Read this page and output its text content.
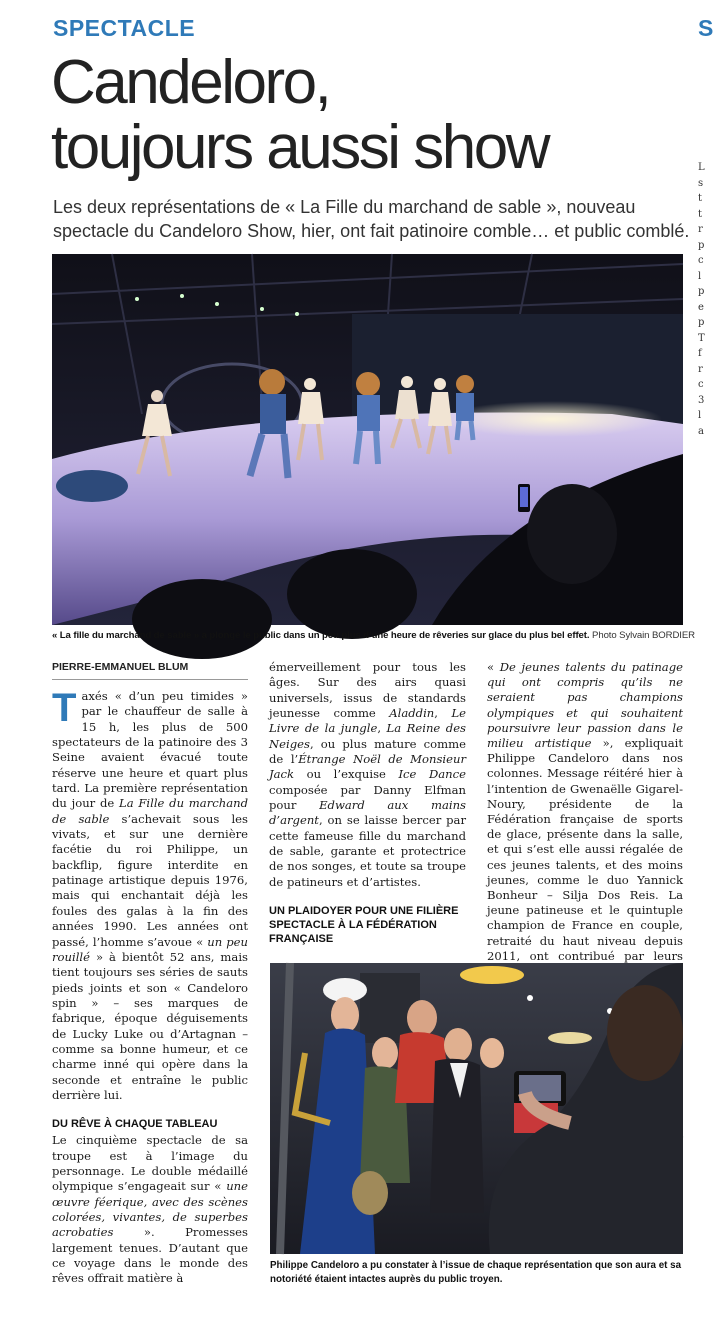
SPECTACLE	S
Candeloro,
toujours aussi show

Les deux représentations de « La Fille du marchand de sable », nouveau spectacle du Candeloro Show, hier, ont fait patinoire comble… et public comblé.

L
s
t
t
r
p
c
l
p
e
p
T
f
r
c
3
l
a
« La fille du marchand de sable » a plongé le public dans un peu plus d’une heure de rêveries sur glace du plus bel effet. Photo Sylvain BORDIER
PIERRE-EMMANUEL BLUM

Taxés « d’un peu timides » par le chauffeur de salle à 15 h, les plus de 500 spectateurs de la patinoire des 3 Seine avaient évacué toute réserve une heure et quart plus tard. La première représentation du jour de La Fille du marchand de sable s’achevait sous les vivats, et sur une dernière facétie du roi Philippe, un backflip, figure interdite en patinage artistique depuis 1976, mais qui enchantait déjà les foules des galas à la fin des années 1990. Les années ont passé, l’homme s’avoue « un peu rouillé » à bientôt 52 ans, mais tient toujours ses séries de sauts pieds joints et son « Candeloro spin » – ses marques de fabrique, époque déguisements de Lucky Luke ou d’Artagnan – comme sa bonne humeur, et ce charme inné qui opère dans la seconde et entraîne le public derrière lui.

DU RÊVE À CHAQUE TABLEAU

Le cinquième spectacle de sa troupe est à l’image du personnage. Le double médaillé olympique s’engageait sur « une œuvre féerique, avec des scènes colorées, vivantes, de superbes acrobaties ». Promesses largement tenues. D’autant que ce voyage dans le monde des rêves offrait matière à

émerveillement pour tous les âges. Sur des airs quasi universels, issus de standards jeunesse comme Aladdin, Le Livre de la jungle, La Reine des Neiges, ou plus mature comme de l’Étrange Noël de Monsieur Jack ou l’exquise Ice Dance composée par Danny Elfman pour Edward aux mains d’argent, on se laisse bercer par cette fameuse fille du marchand de sable, garante et protectrice de nos songes, et toute sa troupe de patineurs et d’artistes.

UN PLAIDOYER POUR UNE FILIÈRE SPECTACLE À LA FÉDÉRATION FRANÇAISE

« De jeunes talents du patinage qui ont compris qu’ils ne seraient pas champions olympiques et qui souhaitent poursuivre leur passion dans le milieu artistique », expliquait Philippe Candeloro dans nos colonnes. Message réitéré hier à l’intention de Gwenaëlle Gigarel-Noury, présidente de la Fédération française de sports de glace, présente dans la salle, et qui s’est elle aussi régalée de ces jeunes talents, et des moins jeunes, comme le duo Yannick Bonheur – Silja Dos Reis. La jeune patineuse et le quintuple champion de France en couple, retraité du haut niveau depuis 2011, ont contribué par leurs

Philippe Candeloro a pu constater à l’issue de chaque représentation que son aura et sa notoriété étaient intactes auprès du public troyen.
